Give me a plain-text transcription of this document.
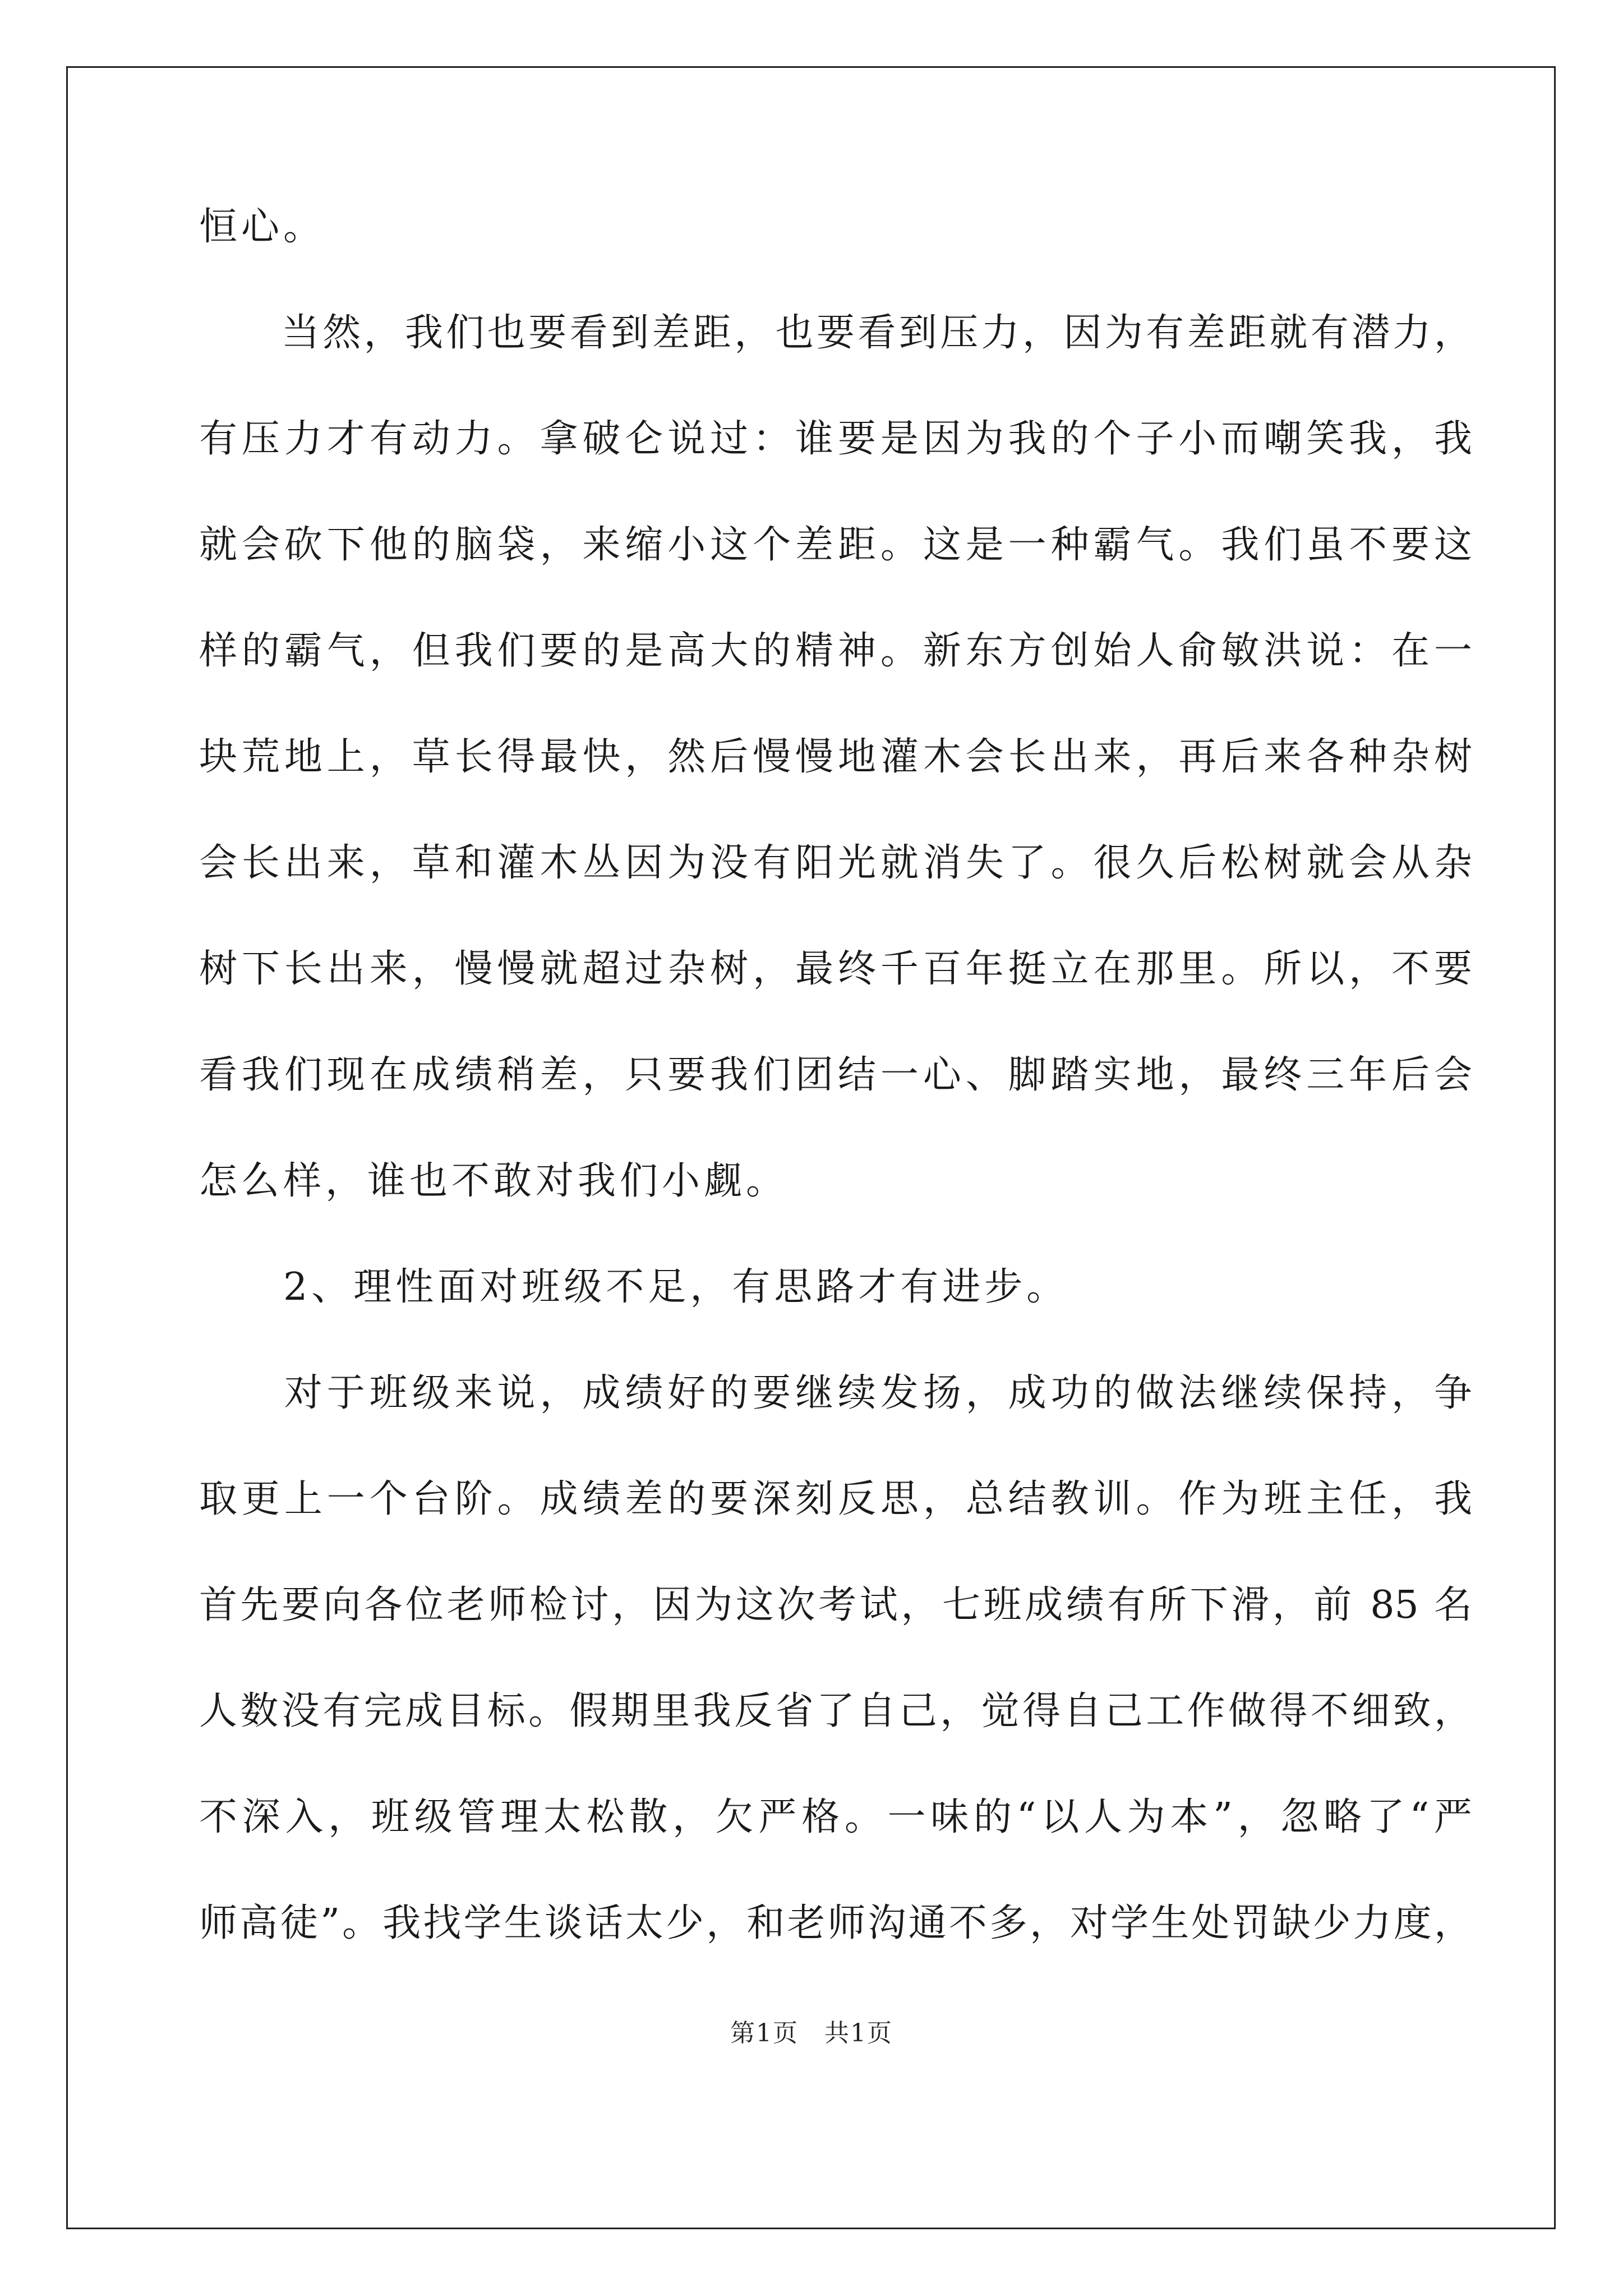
恒心。
　　当然，我们也要看到差距，也要看到压力，因为有差距就有潜力，
有压力才有动力。拿破仑说过：谁要是因为我的个子小而嘲笑我，我
就会砍下他的脑袋，来缩小这个差距。这是一种霸气。我们虽不要这
样的霸气，但我们要的是高大的精神。新东方创始人俞敏洪说：在一
块荒地上，草长得最快，然后慢慢地灌木会长出来，再后来各种杂树
会长出来，草和灌木丛因为没有阳光就消失了。很久后松树就会从杂
树下长出来，慢慢就超过杂树，最终千百年挺立在那里。所以，不要
看我们现在成绩稍差，只要我们团结一心、脚踏实地，最终三年后会
怎么样，谁也不敢对我们小觑。
　　2、理性面对班级不足，有思路才有进步。
　　对于班级来说，成绩好的要继续发扬，成功的做法继续保持，争
取更上一个台阶。成绩差的要深刻反思，总结教训。作为班主任，我
首先要向各位老师检讨，因为这次考试，七班成绩有所下滑，前 85 名
人数没有完成目标。假期里我反省了自己，觉得自己工作做得不细致，
不深入，班级管理太松散，欠严格。一味的“以人为本”，忽略了“严
师高徒”。我找学生谈话太少，和老师沟通不多，对学生处罚缺少力度，
第1页　共1页
